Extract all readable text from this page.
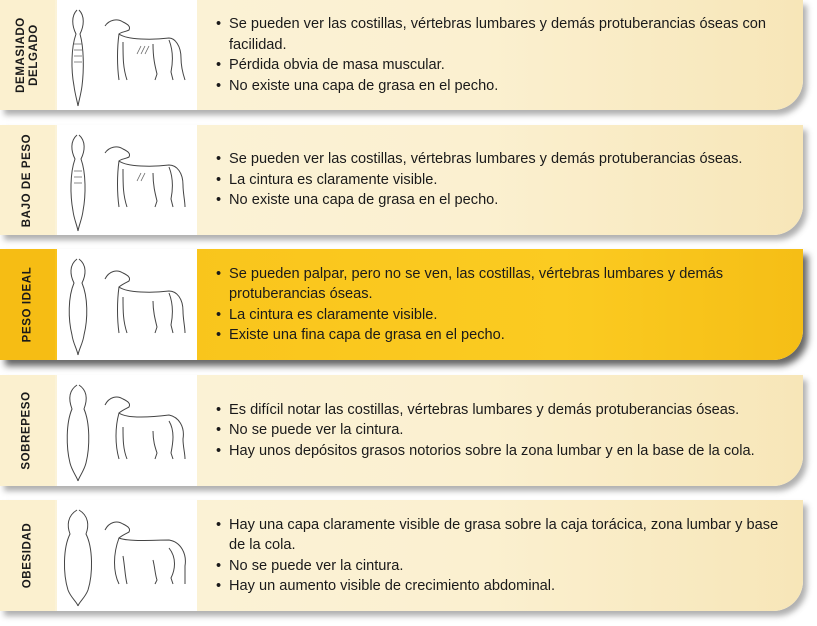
DEMASIADO DELGADO
• Se pueden ver las costillas, vértebras lumbares y demás protuberancias óseas con facilidad.
• Pérdida obvia de masa muscular.
• No existe una capa de grasa en el pecho.
BAJO DE PESO	• Se pueden ver las costillas, vértebras lumbares y demás protuberancias óseas.
• La cintura es claramente visible.
• No existe una capa de grasa en el pecho.
PESO IDEAL	• Se pueden palpar, pero no se ven, las costillas, vértebras lumbares y demás protuberancias óseas.
• La cintura es claramente visible.
• Existe una fina capa de grasa en el pecho.
SOBREPESO	• Es difícil notar las costillas, vértebras lumbares y demás protuberancias óseas.
• No se puede ver la cintura.
• Hay unos depósitos grasos notorios sobre la zona lumbar y en la base de la cola.
OBESIDAD	• Hay una capa claramente visible de grasa sobre la caja torácica, zona lumbar y base de la cola.
• No se puede ver la cintura.
• Hay un aumento visible de crecimiento abdominal.
